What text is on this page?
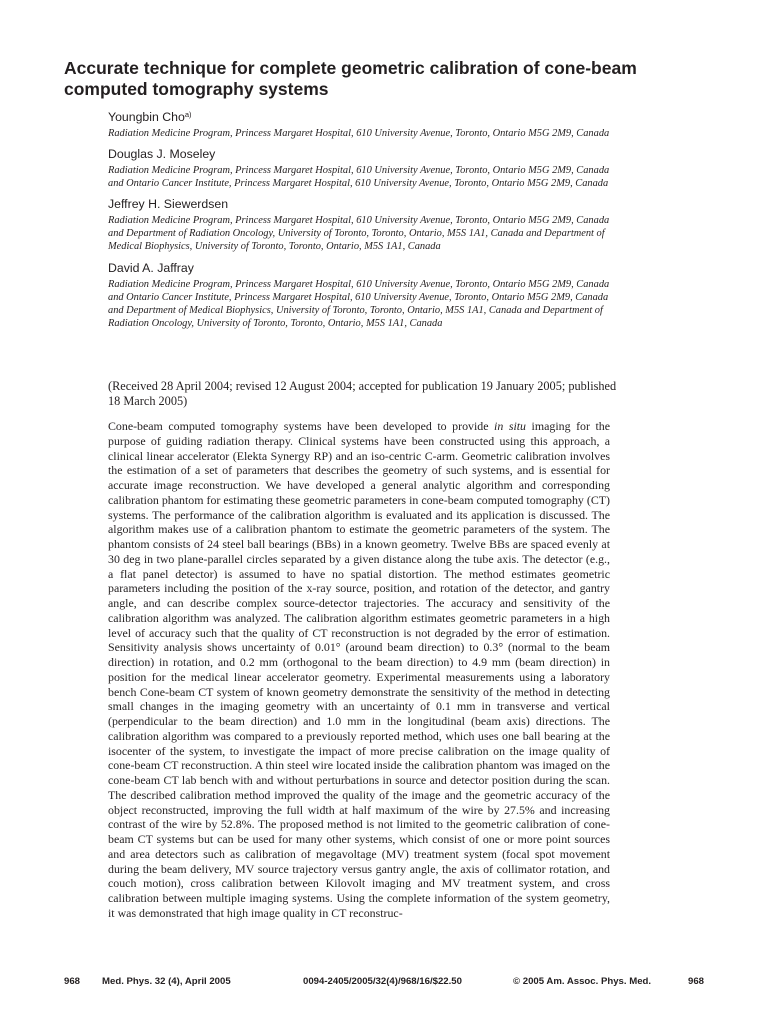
Accurate technique for complete geometric calibration of cone-beam computed tomography systems
Youngbin Cho$^{a)}$
Radiation Medicine Program, Princess Margaret Hospital, 610 University Avenue, Toronto, Ontario M5G 2M9, Canada
Douglas J. Moseley
Radiation Medicine Program, Princess Margaret Hospital, 610 University Avenue, Toronto, Ontario M5G 2M9, Canada and Ontario Cancer Institute, Princess Margaret Hospital, 610 University Avenue, Toronto, Ontario M5G 2M9, Canada
Jeffrey H. Siewerdsen
Radiation Medicine Program, Princess Margaret Hospital, 610 University Avenue, Toronto, Ontario M5G 2M9, Canada and Department of Radiation Oncology, University of Toronto, Toronto, Ontario, M5S 1A1, Canada and Department of Medical Biophysics, University of Toronto, Toronto, Ontario, M5S 1A1, Canada
David A. Jaffray
Radiation Medicine Program, Princess Margaret Hospital, 610 University Avenue, Toronto, Ontario M5G 2M9, Canada and Ontario Cancer Institute, Princess Margaret Hospital, 610 University Avenue, Toronto, Ontario M5G 2M9, Canada and Department of Medical Biophysics, University of Toronto, Toronto, Ontario, M5S 1A1, Canada and Department of Radiation Oncology, University of Toronto, Toronto, Ontario, M5S 1A1, Canada
(Received 28 April 2004; revised 12 August 2004; accepted for publication 19 January 2005; published 18 March 2005)

Cone-beam computed tomography systems have been developed to provide in situ imaging for the purpose of guiding radiation therapy. Clinical systems have been constructed using this approach, a clinical linear accelerator (Elekta Synergy RP) and an iso-centric C-arm. Geometric calibration involves the estimation of a set of parameters that describes the geometry of such systems, and is essential for accurate image reconstruction. We have developed a general analytic algorithm and corresponding calibration phantom for estimating these geometric parameters in cone-beam computed tomography (CT) systems. The performance of the calibration algorithm is evaluated and its application is discussed. The algorithm makes use of a calibration phantom to estimate the geometric parameters of the system. The phantom consists of 24 steel ball bearings (BBs) in a known geometry. Twelve BBs are spaced evenly at 30 deg in two plane-parallel circles separated by a given distance along the tube axis. The detector (e.g., a flat panel detector) is assumed to have no spatial distortion. The method estimates geometric parameters including the position of the x-ray source, position, and rotation of the detector, and gantry angle, and can describe complex source-detector trajectories. The accuracy and sensitivity of the calibration algorithm was analyzed. The calibration algorithm estimates geometric parameters in a high level of accuracy such that the quality of CT reconstruction is not degraded by the error of estimation. Sensitivity analysis shows uncertainty of 0.01° (around beam direction) to 0.3° (normal to the beam direction) in rotation, and 0.2 mm (orthogonal to the beam direction) to 4.9 mm (beam direction) in position for the medical linear accelerator geometry. Experimental measurements using a laboratory bench Cone-beam CT system of known geometry demonstrate the sensitivity of the method in detecting small changes in the imaging geometry with an uncertainty of 0.1 mm in transverse and vertical (perpendicular to the beam direction) and 1.0 mm in the longitudinal (beam axis) directions. The calibration algorithm was compared to a previously reported method, which uses one ball bearing at the isocenter of the system, to investigate the impact of more precise calibration on the image quality of cone-beam CT reconstruction. A thin steel wire located inside the calibration phantom was imaged on the cone-beam CT lab bench with and without perturbations in source and detector position during the scan. The described calibration method improved the quality of the image and the geometric accuracy of the object reconstructed, improving the full width at half maximum of the wire by 27.5% and increasing contrast of the wire by 52.8%. The proposed method is not limited to the geometric calibration of cone-beam CT systems but can be used for many other systems, which consist of one or more point sources and area detectors such as calibration of megavoltage (MV) treatment system (focal spot movement during the beam delivery, MV source trajectory versus gantry angle, the axis of collimator rotation, and couch motion), cross calibration between Kilovolt imaging and MV treatment system, and cross calibration between multiple imaging systems. Using the complete information of the system geometry, it was demonstrated that high image quality in CT reconstruc-

968 Med. Phys. 32 (4), April 2005	0094-2405/2005/32(4)/968/16/$22.50	© 2005 Am. Assoc. Phys. Med.	968
